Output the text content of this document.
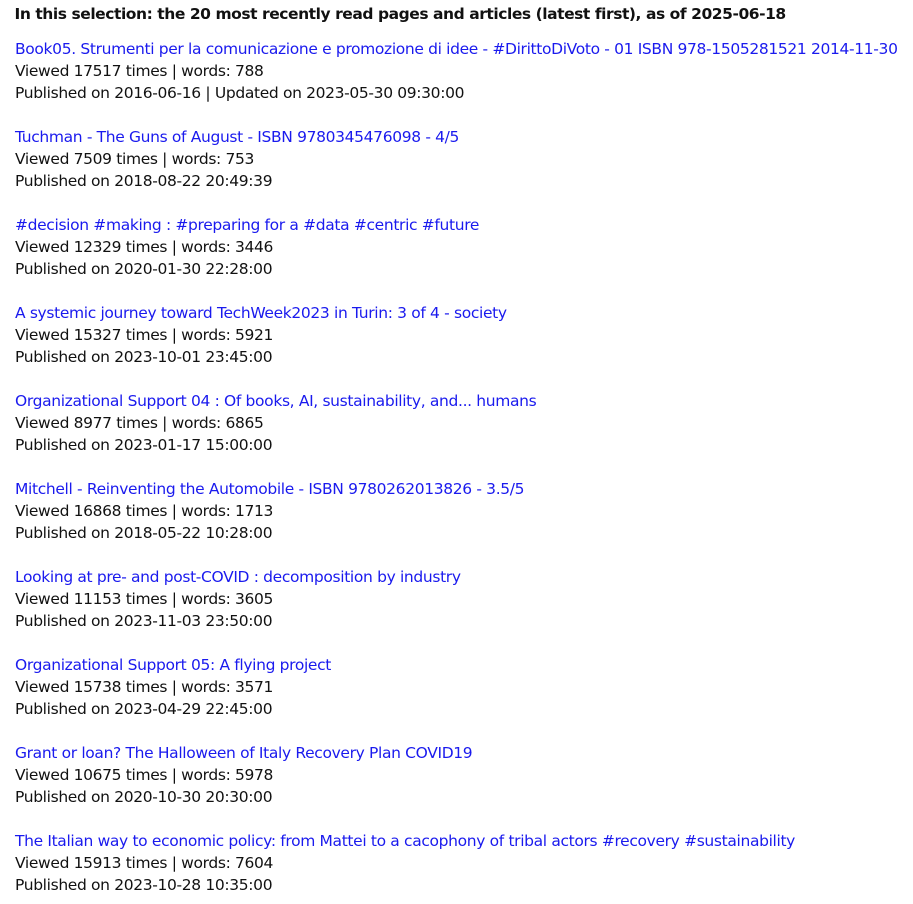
In this selection: the 20 most recently read pages and articles (latest first), as of 2025-06-18
Book05. Strumenti per la comunicazione e promozione di idee - #DirittoDiVoto - 01 ISBN 978-1505281521 2014-11-30
Viewed 17517 times | words: 788
Published on 2016-06-16 | Updated on 2023-05-30 09:30:00
Tuchman - The Guns of August - ISBN 9780345476098 - 4/5
Viewed 7509 times | words: 753
Published on 2018-08-22 20:49:39
#decision #making : #preparing for a #data #centric #future
Viewed 12329 times | words: 3446
Published on 2020-01-30 22:28:00
A systemic journey toward TechWeek2023 in Turin: 3 of 4 - society
Viewed 15327 times | words: 5921
Published on 2023-10-01 23:45:00
Organizational Support 04 : Of books, AI, sustainability, and... humans
Viewed 8977 times | words: 6865
Published on 2023-01-17 15:00:00
Mitchell - Reinventing the Automobile - ISBN 9780262013826 - 3.5/5
Viewed 16868 times | words: 1713
Published on 2018-05-22 10:28:00
Looking at pre- and post-COVID : decomposition by industry
Viewed 11153 times | words: 3605
Published on 2023-11-03 23:50:00
Organizational Support 05: A flying project
Viewed 15738 times | words: 3571
Published on 2023-04-29 22:45:00
Grant or loan? The Halloween of Italy Recovery Plan COVID19
Viewed 10675 times | words: 5978
Published on 2020-10-30 20:30:00
The Italian way to economic policy: from Mattei to a cacophony of tribal actors #recovery #sustainability
Viewed 15913 times | words: 7604
Published on 2023-10-28 10:35:00
